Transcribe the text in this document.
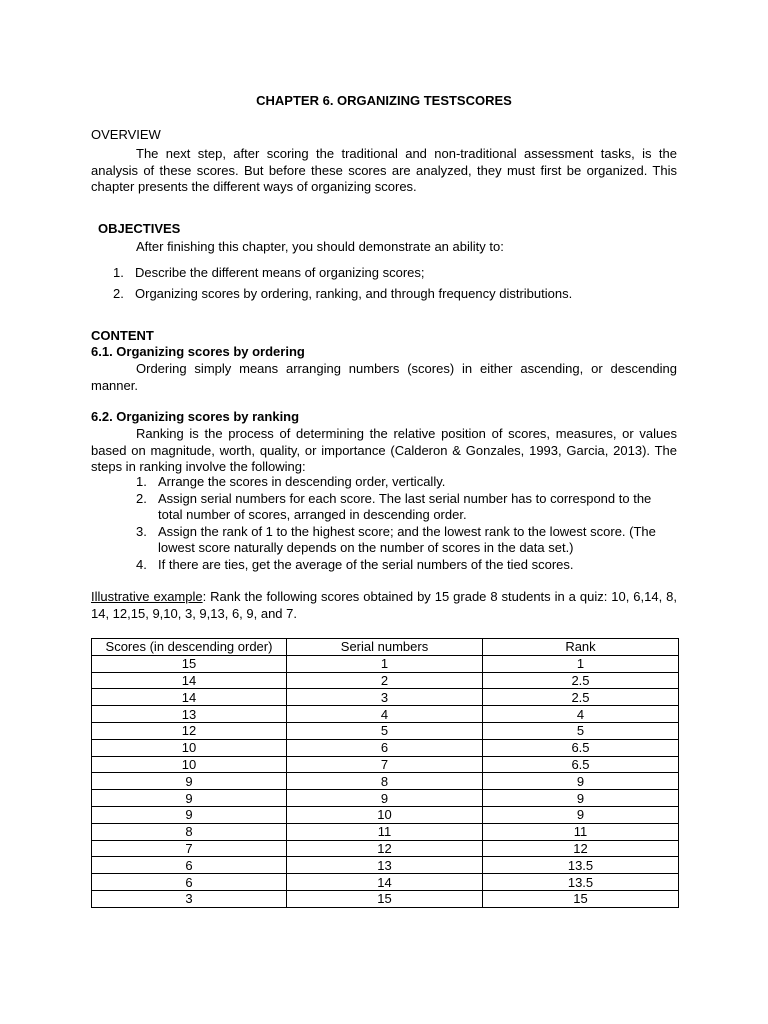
CHAPTER 6. ORGANIZING TESTSCORES
OVERVIEW

The next step, after scoring the traditional and non-traditional assessment tasks, is the analysis of these scores. But before these scores are analyzed, they must first be organized. This chapter presents the different ways of organizing scores.

OBJECTIVES

After finishing this chapter, you should demonstrate an ability to:

1. Describe the different means of organizing scores;
2. Organizing scores by ordering, ranking, and through frequency distributions.
CONTENT
6.1. Organizing scores by ordering

Ordering simply means arranging numbers (scores) in either ascending, or descending manner.

6.2. Organizing scores by ranking

Ranking is the process of determining the relative position of scores, measures, or values based on magnitude, worth, quality, or importance (Calderon & Gonzales, 1993, Garcia, 2013). The steps in ranking involve the following:

1. Arrange the scores in descending order, vertically.
2. Assign serial numbers for each score. The last serial number has to correspond to the total number of scores, arranged in descending order.
3. Assign the rank of 1 to the highest score; and the lowest rank to the lowest score. (The lowest score naturally depends on the number of scores in the data set.)
4. If there are ties, get the average of the serial numbers of the tied scores.

Illustrative example: Rank the following scores obtained by 15 grade 8 students in a quiz: 10, 6,14, 8, 14, 12,15, 9,10, 3, 9,13, 6, 9, and 7.

Scores (in descending order)	Serial numbers	Rank
15	1	1
14	2	2.5
14	3	2.5
13	4	4
12	5	5
10	6	6.5
10	7	6.5
9	8	9
9	9	9
9	10	9
8	11	11
7	12	12
6	13	13.5
6	14	13.5
3	15	15
